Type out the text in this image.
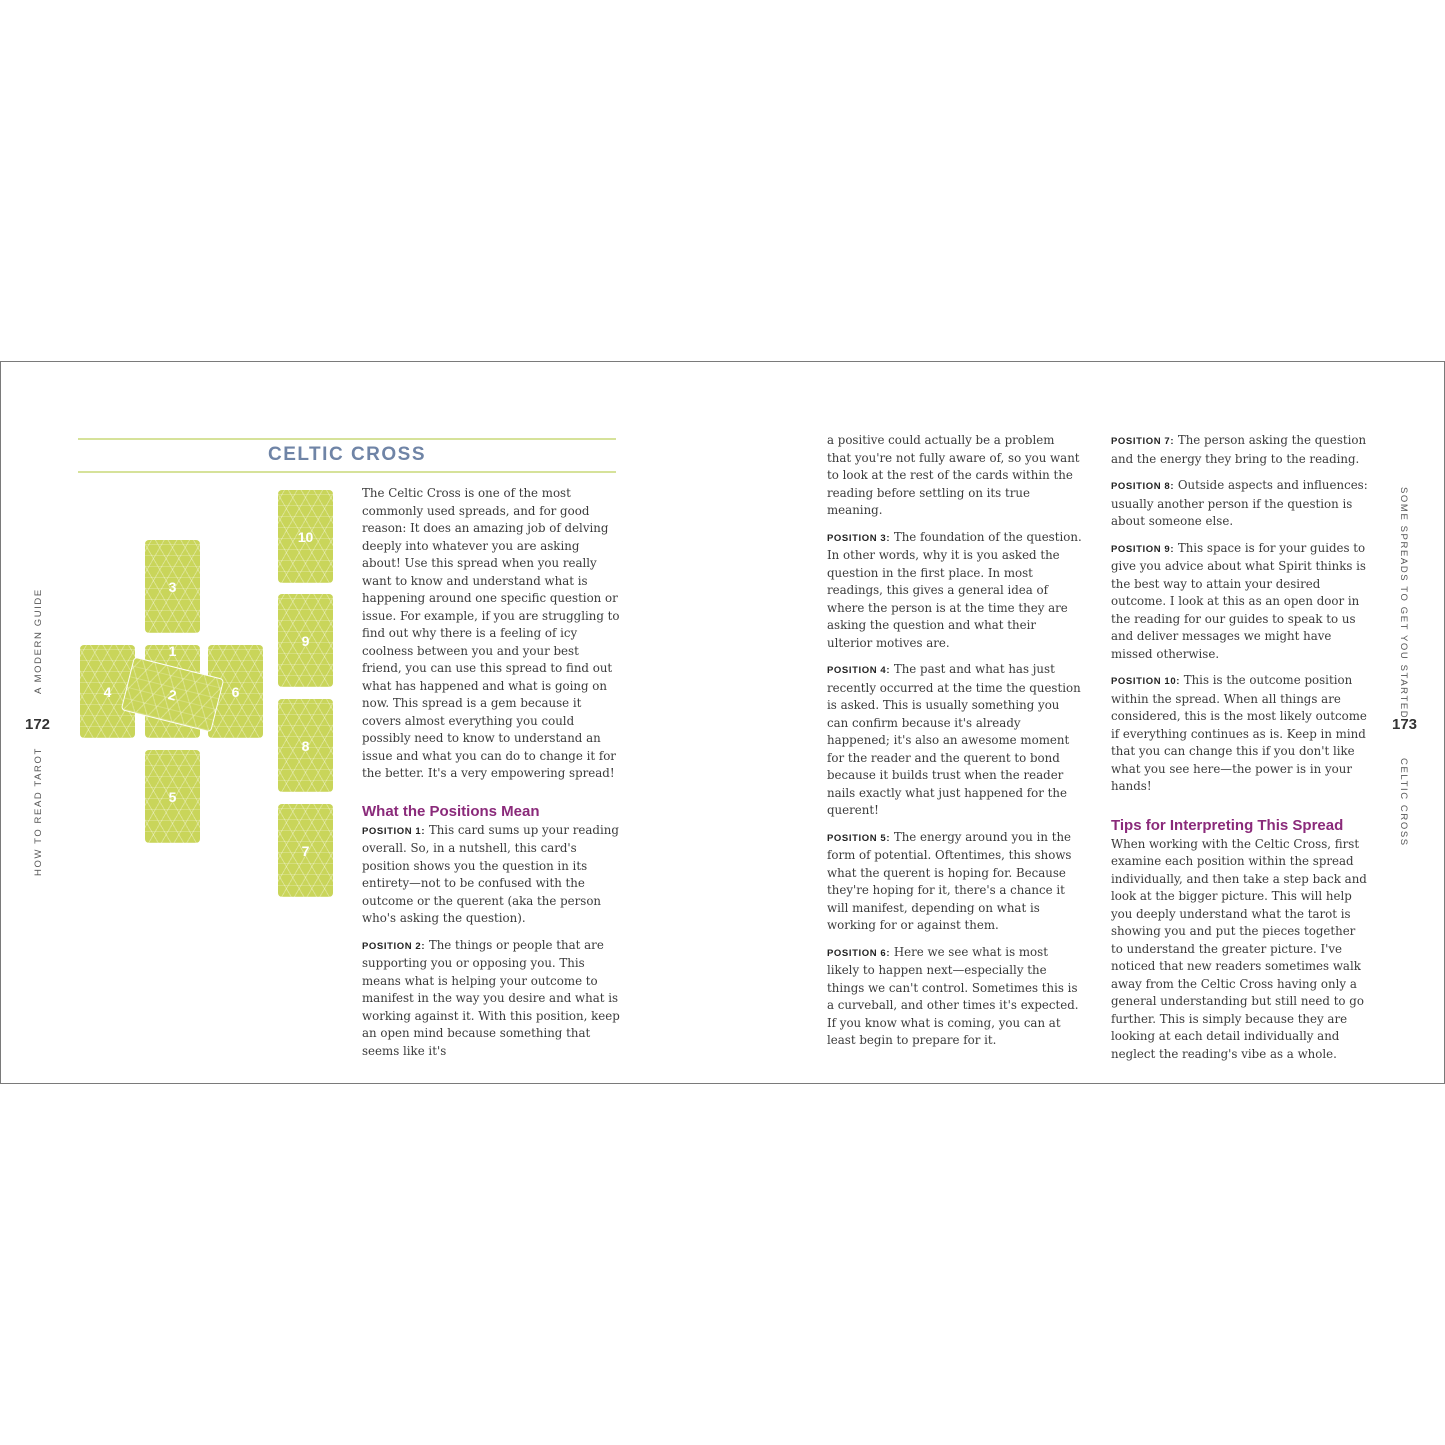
CELTIC CROSS
3
4
1
6
2
5
10
9
8
7

The Celtic Cross is one of the most commonly used spreads, and for good reason: It does an amazing job of delving deeply into whatever you are asking about! Use this spread when you really want to know and understand what is happening around one specific question or issue. For example, if you are struggling to find out why there is a feeling of icy coolness between you and your best friend, you can use this spread to find out what has happened and what is going on now. This spread is a gem because it covers almost everything you could possibly need to know to understand an issue and what you can do to change it for the better. It's a very empowering spread!

What the Positions Mean

POSITION 1: This card sums up your reading overall. So, in a nutshell, this card's position shows you the question in its entirety—not to be confused with the outcome or the querent (aka the person who's asking the question).

POSITION 2: The things or people that are supporting you or opposing you. This means what is helping your outcome to manifest in the way you desire and what is working against it. With this position, keep an open mind because something that seems like it's

172
HOW TO READ TAROT
A MODERN GUIDE

a positive could actually be a problem that you're not fully aware of, so you want to look at the rest of the cards within the reading before settling on its true meaning.

POSITION 3: The foundation of the question. In other words, why it is you asked the question in the first place. In most readings, this gives a general idea of where the person is at the time they are asking the question and what their ulterior motives are.

POSITION 4: The past and what has just recently occurred at the time the question is asked. This is usually something you can confirm because it's already happened; it's also an awesome moment for the reader and the querent to bond because it builds trust when the reader nails exactly what just happened for the querent!

POSITION 5: The energy around you in the form of potential. Oftentimes, this shows what the querent is hoping for. Because they're hoping for it, there's a chance it will manifest, depending on what is working for or against them.

POSITION 6: Here we see what is most likely to happen next—especially the things we can't control. Sometimes this is a curveball, and other times it's expected. If you know what is coming, you can at least begin to prepare for it.

POSITION 7: The person asking the question and the energy they bring to the reading.

POSITION 8: Outside aspects and influences: usually another person if the question is about someone else.

POSITION 9: This space is for your guides to give you advice about what Spirit thinks is the best way to attain your desired outcome. I look at this as an open door in the reading for our guides to speak to us and deliver messages we might have missed otherwise.

POSITION 10: This is the outcome position within the spread. When all things are considered, this is the most likely outcome if everything continues as is. Keep in mind that you can change this if you don't like what you see here—the power is in your hands!

Tips for Interpreting This Spread

When working with the Celtic Cross, first examine each position within the spread individually, and then take a step back and look at the bigger picture. This will help you deeply understand what the tarot is showing you and put the pieces together to understand the greater picture. I've noticed that new readers sometimes walk away from the Celtic Cross having only a general understanding but still need to go further. This is simply because they are looking at each detail individually and neglect the reading's vibe as a whole.

173
SOME SPREADS TO GET YOU STARTED
CELTIC CROSS
